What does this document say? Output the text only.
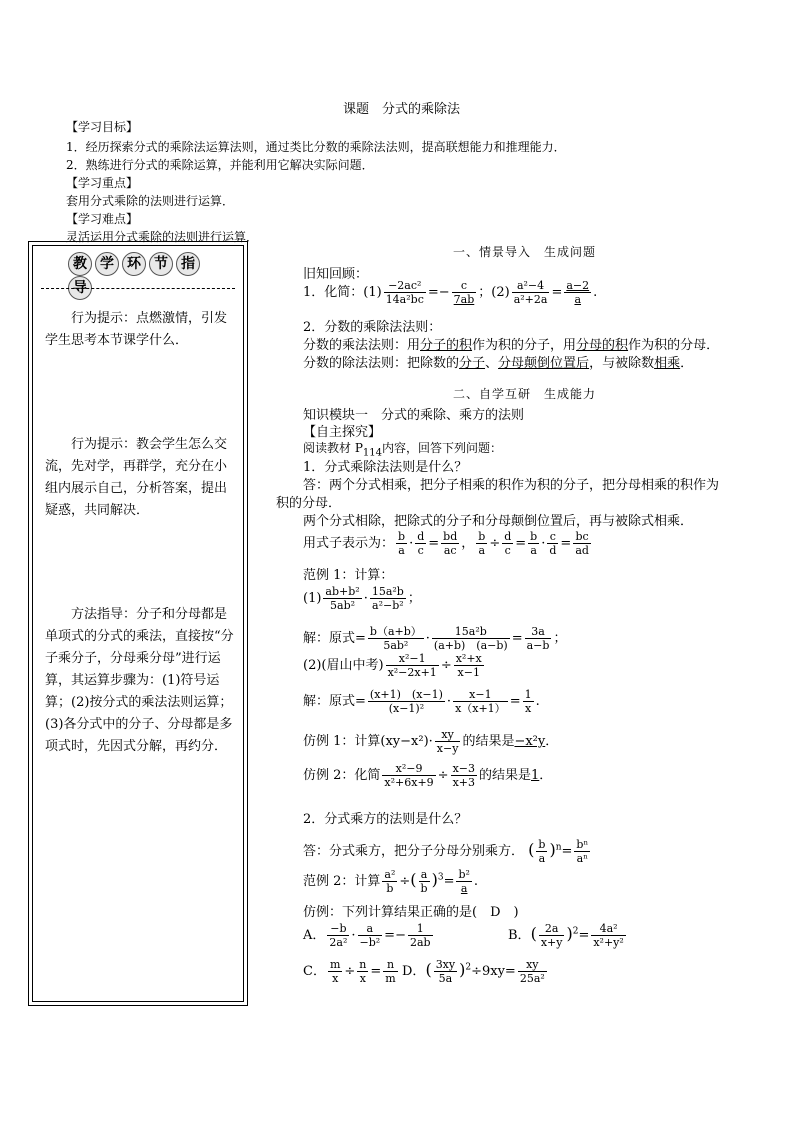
课题　分式的乘除法
【学习目标】
1．经历探索分式的乘除法运算法则，通过类比分数的乘除法法则，提高联想能力和推理能力．
2．熟练进行分式的乘除运算，并能利用它解决实际问题．
【学习重点】
套用分式乘除的法则进行运算．
【学习难点】
灵活运用分式乘除的法则进行运算．
教 学 环 节 指导
行为提示：点燃激情，引发学生思考本节课学什么．
行为提示：教会学生怎么交流，先对学，再群学，充分在小组内展示自己，分析答案，提出疑惑，共同解决．
方法指导：分子和分母都是单项式的分式的乘法，直接按“分子乘分子，分母乘分母”进行运算，其运算步骤为：(1)符号运算；(2)按分式的乘法法则运算；(3)各分式中的分子、分母都是多项式时，先因式分解，再约分．
一、情景导入　生成问题
旧知回顾：
1．化简：$(1) \frac{\text{−2ac²}}{\text{14a²bc}} =- \frac{c}{7ab}$ ；$(2) \frac{\text{a²−4}}{\text{a²+2a}} = \frac{a-2}{a}$ .
2．分数的乘除法法则：
分数的乘法法则：用分子的积作为积的分子，用分母的积作为积的分母．
分数的除法法则：把除数的分子、分母颠倒位置后，与被除数相乘．
二、自学互研　生成能力
知识模块一　分式的乘除、乘方的法则
【自主探究】
阅读教材 $P_{114}$内容，回答下列问题：
1．分式乘除法法则是什么？
答：两个分式相乘，把分子相乘的积作为积的分子，把分母相乘的积作为
积的分母．
两个分式相除，把除式的分子和分母颠倒位置后，再与被除式相乘．
用式子表示为： $\frac{b}{a} \cdot \frac{d}{c} = \frac{bd}{ac}$ ， $\frac{b}{a} \div \frac{d}{c} = \frac{b}{a} \cdot \frac{c}{d} = \frac{bc}{ad}$
范例 1：计算：
$(1) \frac{\text{ab+b²}}{\text{5ab²}} \cdot \frac{\text{15a²b}}{\text{a²−b²}}$ ；
解：原式= $\frac{b(a+b)}{\text{5ab²}} \cdot \frac{\text{15a²b}}{(a+b) (a-b)} = \frac{3a}{a-b}$ ；
(2)(眉山中考) $\frac{\text{x²−1}}{\text{x²−2x+1}} \div \frac{\text{x²+x}}{x-1}$
解：原式= $\frac{(x+1) (x-1)}{\text{(x−1)²}} \cdot \frac{x-1}{x(x+1)} = \frac{1}{x}$ .
仿例 1：计算$(xy-x^2)\cdot \frac{xy}{x-y}$ 的结果是−x²y．
仿例 2：化简 $\frac{\text{x²−9}}{\text{x²+6x+9}} \div \frac{x-3}{x+3}$ 的结果是1．
2．分式乘方的法则是什么？
答：分式乘方，把分子分母分别乘方． ( $\frac{b}{a} )^n= \frac{\text{bⁿ}}{\text{aⁿ}}$
范例 2：计算 $\frac{\text{a²}}{b}$ ÷( $\frac{a}{b} )^3= \frac{\text{b²}}{a}$ .
仿例：下列计算结果正确的是(　D　)
A． $\frac{-b}{\text{2a²}} \cdot \frac{a}{\text{−b²}} =- \frac{1}{2ab}$	B．( $\frac{2a}{x+y} )^2= \frac{\text{4a²}}{\text{x²+y²}}$
C． $\frac{m}{x} \div \frac{n}{x} = \frac{n}{m}$ D．( $\frac{3xy}{5a} )^2\div 9xy= \frac{xy}{\text{25a²}}$
